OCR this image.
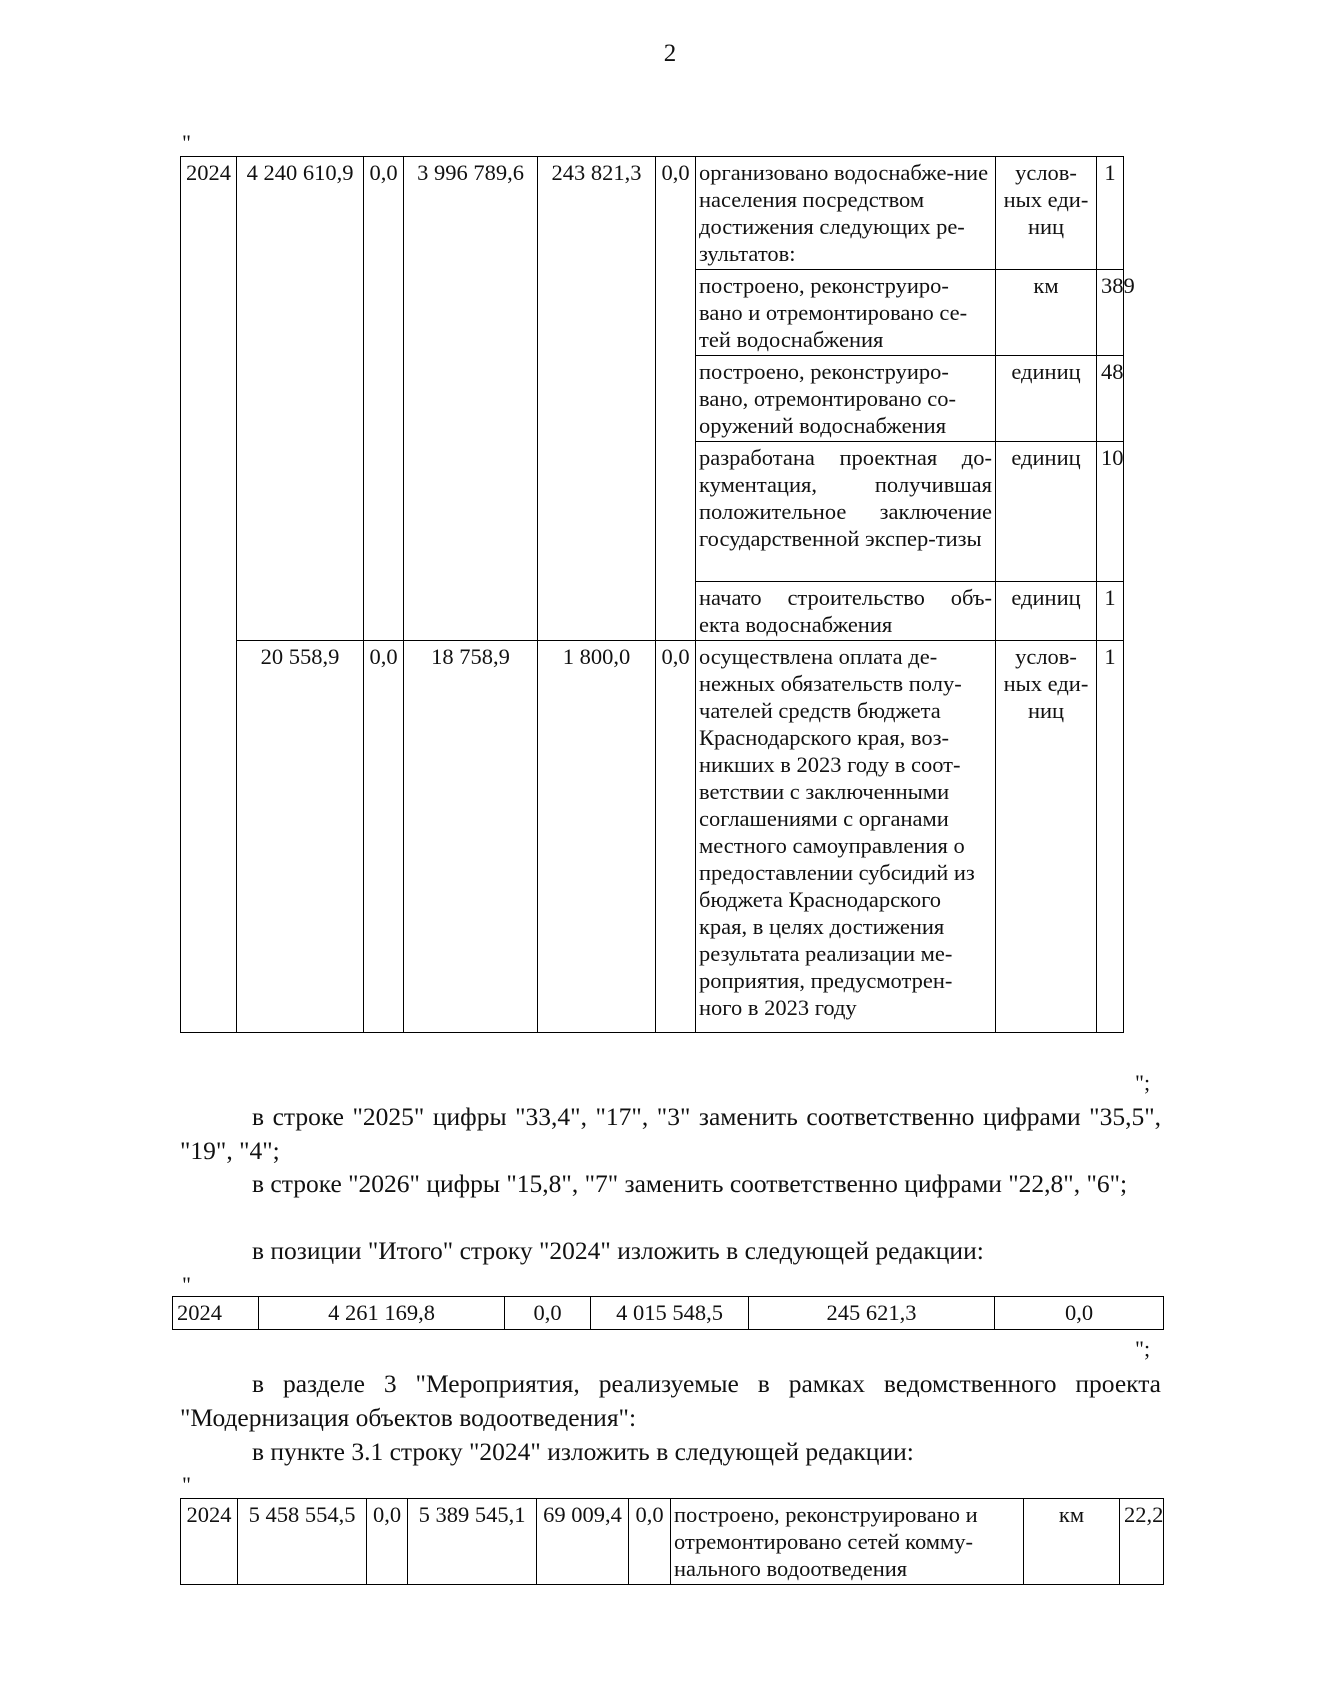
2
"
2024	4 240 610,9	0,0	3 996 789,6	243 821,3	0,0	организовано водоснабже-ние населения посредством достижения следующих ре-зультатов:	услов-ных еди-ниц	1
						построено, реконструиро-вано и отремонтировано се-тей водоснабжения	км	389
						построено, реконструиро-вано, отремонтировано со-оружений водоснабжения	единиц	48
						разработана проектная до-кументация, получившая положительное заключение государственной экспер-тизы	единиц	10
						начато строительство объ-екта водоснабжения	единиц	1
	20 558,9	0,0	18 758,9	1 800,0	0,0	осуществлена оплата де-нежных обязательств полу-чателей средств бюджета Краснодарского края, воз-никших в 2023 году в соот-ветствии с заключенными соглашениями с органами местного самоуправления о предоставлении субсидий из бюджета Краснодарского края, в целях достижения результата реализации ме-роприятия, предусмотрен-ного в 2023 году	услов-ных еди-ниц	1
";

в строке "2025" цифры "33,4", "17", "3" заменить соответственно цифрами "35,5", "19", "4";

в строке "2026" цифры "15,8", "7" заменить соответственно цифрами "22,8", "6";

в позиции "Итого" строку "2024" изложить в следующей редакции:

"
2024	4 261 169,8	0,0	4 015 548,5	245 621,3	0,0
";

в разделе 3 "Мероприятия, реализуемые в рамках ведомственного проекта "Модернизация объектов водоотведения":

в пункте 3.1 строку "2024" изложить в следующей редакции:

"
2024	5 458 554,5	0,0	5 389 545,1	69 009,4	0,0	построено, реконструировано и отремонтировано сетей комму-нального водоотведения	км	22,2
